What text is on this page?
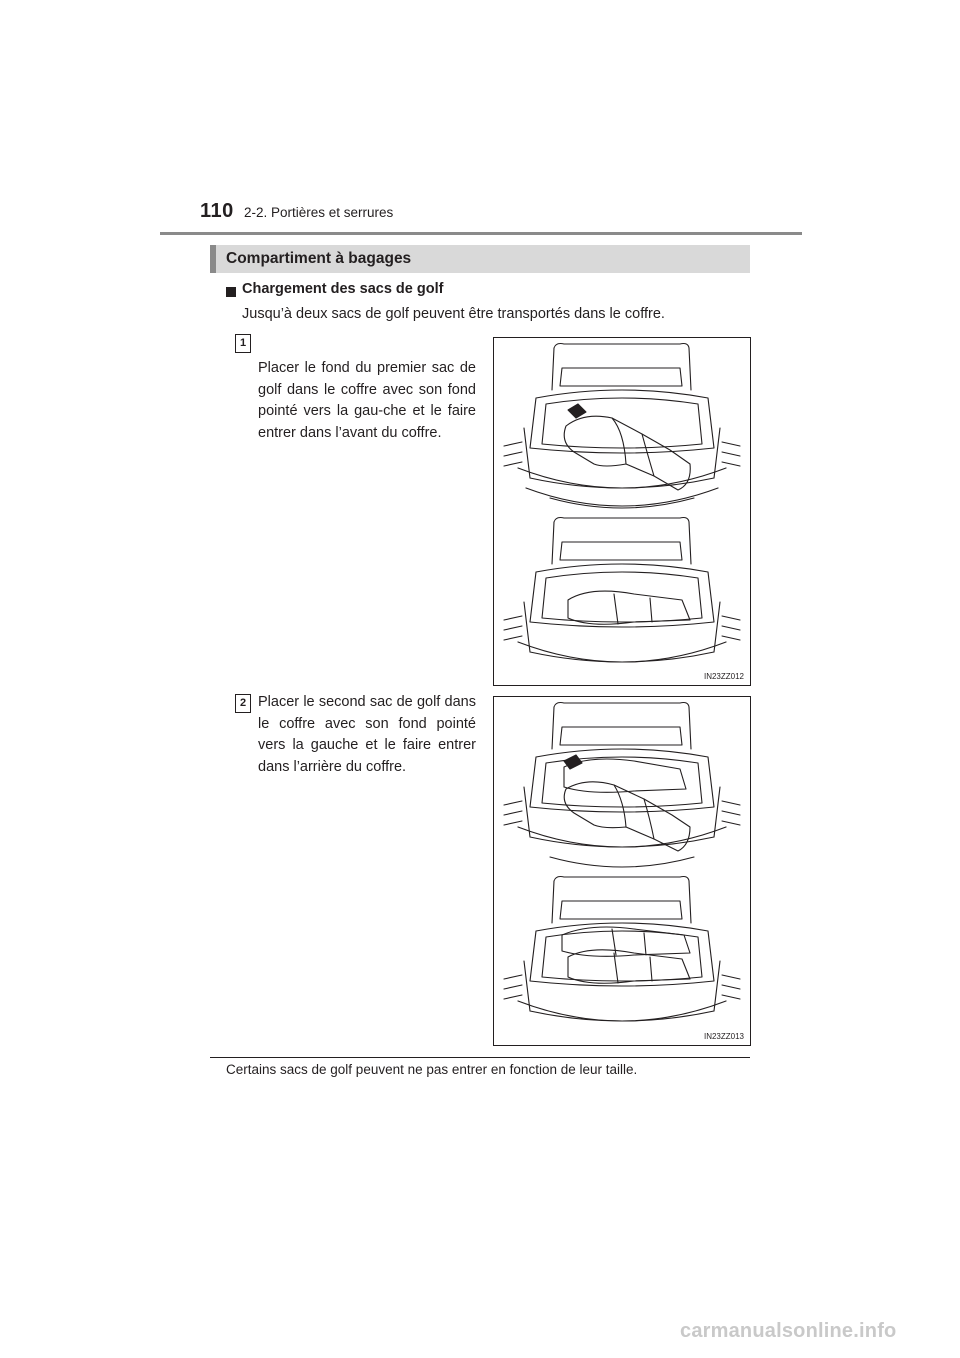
110 2-2. Portières et serrures
Compartiment à bagages
Chargement des sacs de golf
Jusqu’à deux sacs de golf peuvent être transportés dans le coffre.
1
Placer le fond du premier sac de golf dans le coffre avec son fond pointé vers la gau-che et le faire entrer dans l’avant du coffre.
IN23ZZ012
2 Placer le second sac de golf dans le coffre avec son fond pointé vers la gauche et le faire entrer dans l’arrière du coffre.
IN23ZZ013
Certains sacs de golf peuvent ne pas entrer en fonction de leur taille.
carmanualsonline.info
